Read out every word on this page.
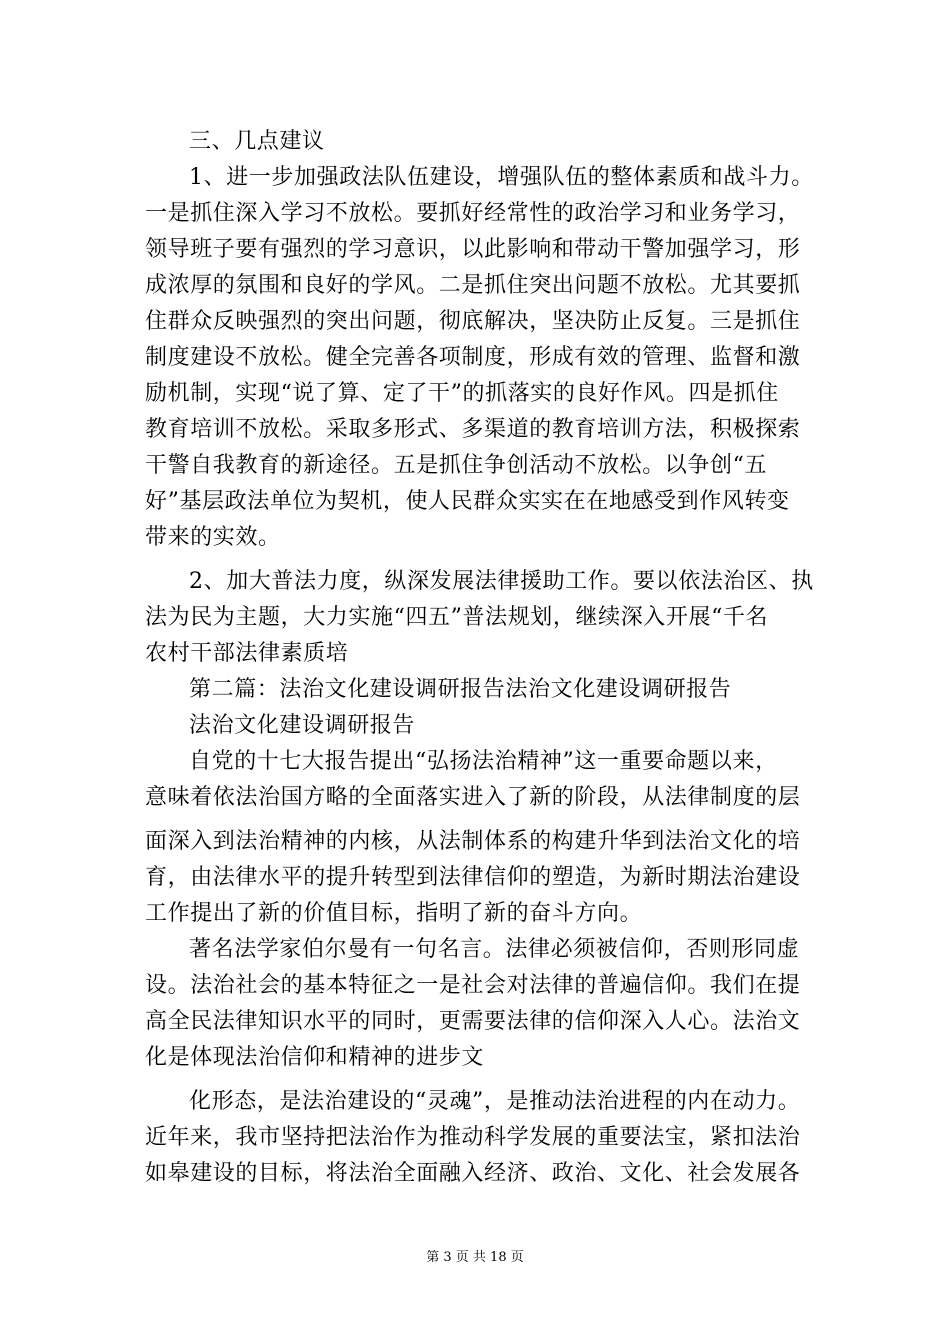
三、几点建议
1、进一步加强政法队伍建设，增强队伍的整体素质和战斗力。
一是抓住深入学习不放松。要抓好经常性的政治学习和业务学习，
领导班子要有强烈的学习意识，以此影响和带动干警加强学习，形
成浓厚的氛围和良好的学风。二是抓住突出问题不放松。尤其要抓
住群众反映强烈的突出问题，彻底解决，坚决防止反复。三是抓住
制度建设不放松。健全完善各项制度，形成有效的管理、监督和激
励机制，实现“说了算、定了干”的抓落实的良好作风。四是抓住
教育培训不放松。采取多形式、多渠道的教育培训方法，积极探索
干警自我教育的新途径。五是抓住争创活动不放松。以争创“五
好”基层政法单位为契机，使人民群众实实在在地感受到作风转变
带来的实效。
2、加大普法力度，纵深发展法律援助工作。要以依法治区、执
法为民为主题，大力实施“四五”普法规划，继续深入开展“千名
农村干部法律素质培
第二篇：法治文化建设调研报告法治文化建设调研报告
法治文化建设调研报告
自党的十七大报告提出“弘扬法治精神”这一重要命题以来，
意味着依法治国方略的全面落实进入了新的阶段，从法律制度的层
面深入到法治精神的内核，从法制体系的构建升华到法治文化的培
育，由法律水平的提升转型到法律信仰的塑造，为新时期法治建设
工作提出了新的价值目标，指明了新的奋斗方向。
著名法学家伯尔曼有一句名言。法律必须被信仰，否则形同虚
设。法治社会的基本特征之一是社会对法律的普遍信仰。我们在提
高全民法律知识水平的同时，更需要法律的信仰深入人心。法治文
化是体现法治信仰和精神的进步文
化形态，是法治建设的“灵魂”，是推动法治进程的内在动力。
近年来，我市坚持把法治作为推动科学发展的重要法宝，紧扣法治
如皋建设的目标，将法治全面融入经济、政治、文化、社会发展各
第 3 页 共 18 页
